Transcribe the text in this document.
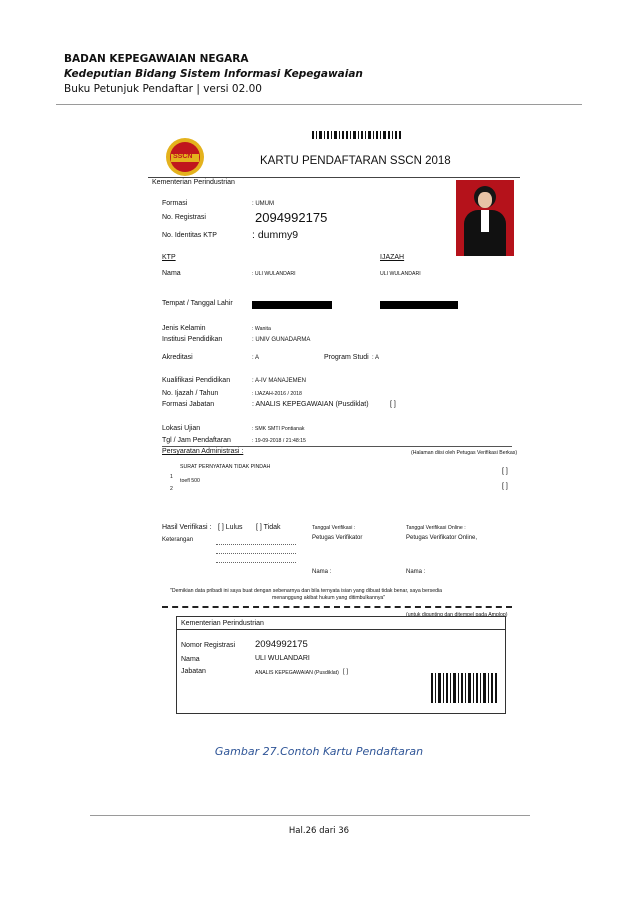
BADAN KEPEGAWAIAN NEGARA
Kedeputian Bidang Sistem Informasi Kepegawaian
Buku Petunjuk Pendaftar | versi 02.00
SSCN	KARTU PENDAFTARAN SSCN 2018
Kementerian Perindustrian
Formasi	: UMUM
No. Registrasi	2094992175
No. Identitas KTP	: dummy9
KTP	IJAZAH
Nama	: ULI WULANDARI	ULI WULANDARI
Tempat / Tanggal Lahir
Jenis Kelamin	: Wanita
Institusi Pendidikan	: UNIV GUNADARMA
Akreditasi	: A	Program Studi : A
Kualifikasi Pendidikan	: A-IV MANAJEMEN
No. Ijazah / Tahun	: IJAZAH-2016 / 2018
Formasi Jabatan	: ANALIS KEPEGAWAIAN (Pusdiklat)	[ ]
Lokasi Ujian	: SMK SMTI Pontianak
Tgl / Jam Pendaftaran	: 19-09-2018 / 21:48:15
Persyaratan Administrasi :	(Halaman diisi oleh Petugas Verifikasi Berkas)
1
SURAT PERNYATAAN TIDAK PINDAH
[ ]
2
toefl 500
[ ]
Hasil Verifikasi : [ ] Lulus [ ] Tidak
Keterangan
Tanggal Verifikasi :
Petugas Verifikator
Tanggal Verifikasi Online :
Petugas Verifikator Online,
Nama :	Nama :
"Demikian data pribadi ini saya buat dengan sebenarnya dan bila ternyata isian yang dibuat tidak benar, saya bersedia
menanggung akibat hukum yang ditimbulkannya"
(untuk digunting dan ditempel pada Amplop)
Kementerian Perindustrian
Nomor Registrasi 2094992175
Nama	ULI WULANDARI
Jabatan	ANALIS KEPEGAWAIAN (Pusdiklat) [ ]
Gambar 27.Contoh Kartu Pendaftaran
Hal.26 dari 36
